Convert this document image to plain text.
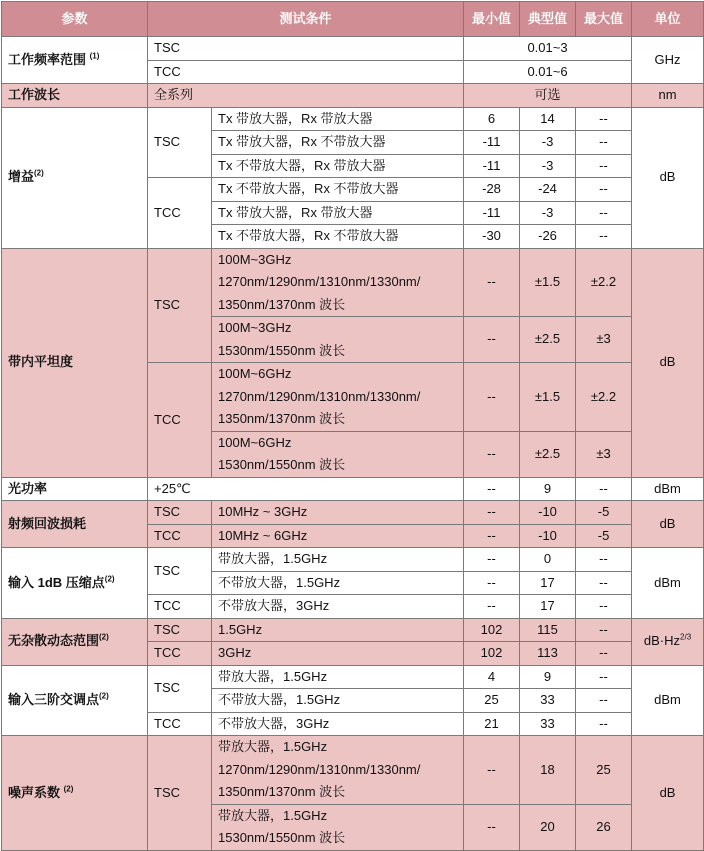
参数	测试条件		最小值	典型值	最大值	单位
工作频率范围 $^{(1)}$	TSC		0.01~3			GHz
	TCC		0.01~6			
工作波长	全系列		可选			nm
增益$^{(2)}$	TSC	Tx 带放大器，Rx 带放大器	6	14	--	dB
		Tx 带放大器，Rx 不带放大器	-11	-3	--	
		Tx 不带放大器，Rx 带放大器	-11	-3	--	
	TCC	Tx 不带放大器，Rx 不带放大器	-28	-24	--	
		Tx 带放大器，Rx 带放大器	-11	-3	--	
		Tx 不带放大器，Rx 不带放大器	-30	-26	--	
带内平坦度	TSC	100M~3GHz
1270nm/1290nm/1310nm/1330nm/
1350nm/1370nm 波长	--	±1.5	±2.2	dB

		100M~3GHz
1530nm/1550nm 波长	--	±2.5	±3	
	TCC	100M~6GHz
1270nm/1290nm/1310nm/1330nm/
1350nm/1370nm 波长	--	±1.5	±2.2	

		100M~6GHz
1530nm/1550nm 波长	--	±2.5	±3	
光功率	+25℃		--	9	--	dBm
射频回波损耗	TSC	10MHz ~ 3GHz	--	-10	-5	dB
	TCC	10MHz ~ 6GHz	--	-10	-5	
输入 1dB 压缩点$^{(2)}$	TSC	带放大器，1.5GHz	--	0	--	dBm
		不带放大器，1.5GHz	--	17	--	
	TCC	不带放大器，3GHz	--	17	--	
无杂散动态范围$^{(2)}$	TSC	1.5GHz	102	115	--	$dB\cdot Hz^{2/3}$
	TCC	3GHz	102	113	--	
输入三阶交调点$^{(2)}$	TSC	带放大器，1.5GHz	4	9	--	dBm
		不带放大器，1.5GHz	25	33	--	
	TCC	不带放大器，3GHz	21	33	--	
噪声系数 $^{(2)}$	TSC	带放大器，1.5GHz
1270nm/1290nm/1310nm/1330nm/
1350nm/1370nm 波长	--	18	25	dB

		带放大器，1.5GHz
1530nm/1550nm 波长	--	20	26	
